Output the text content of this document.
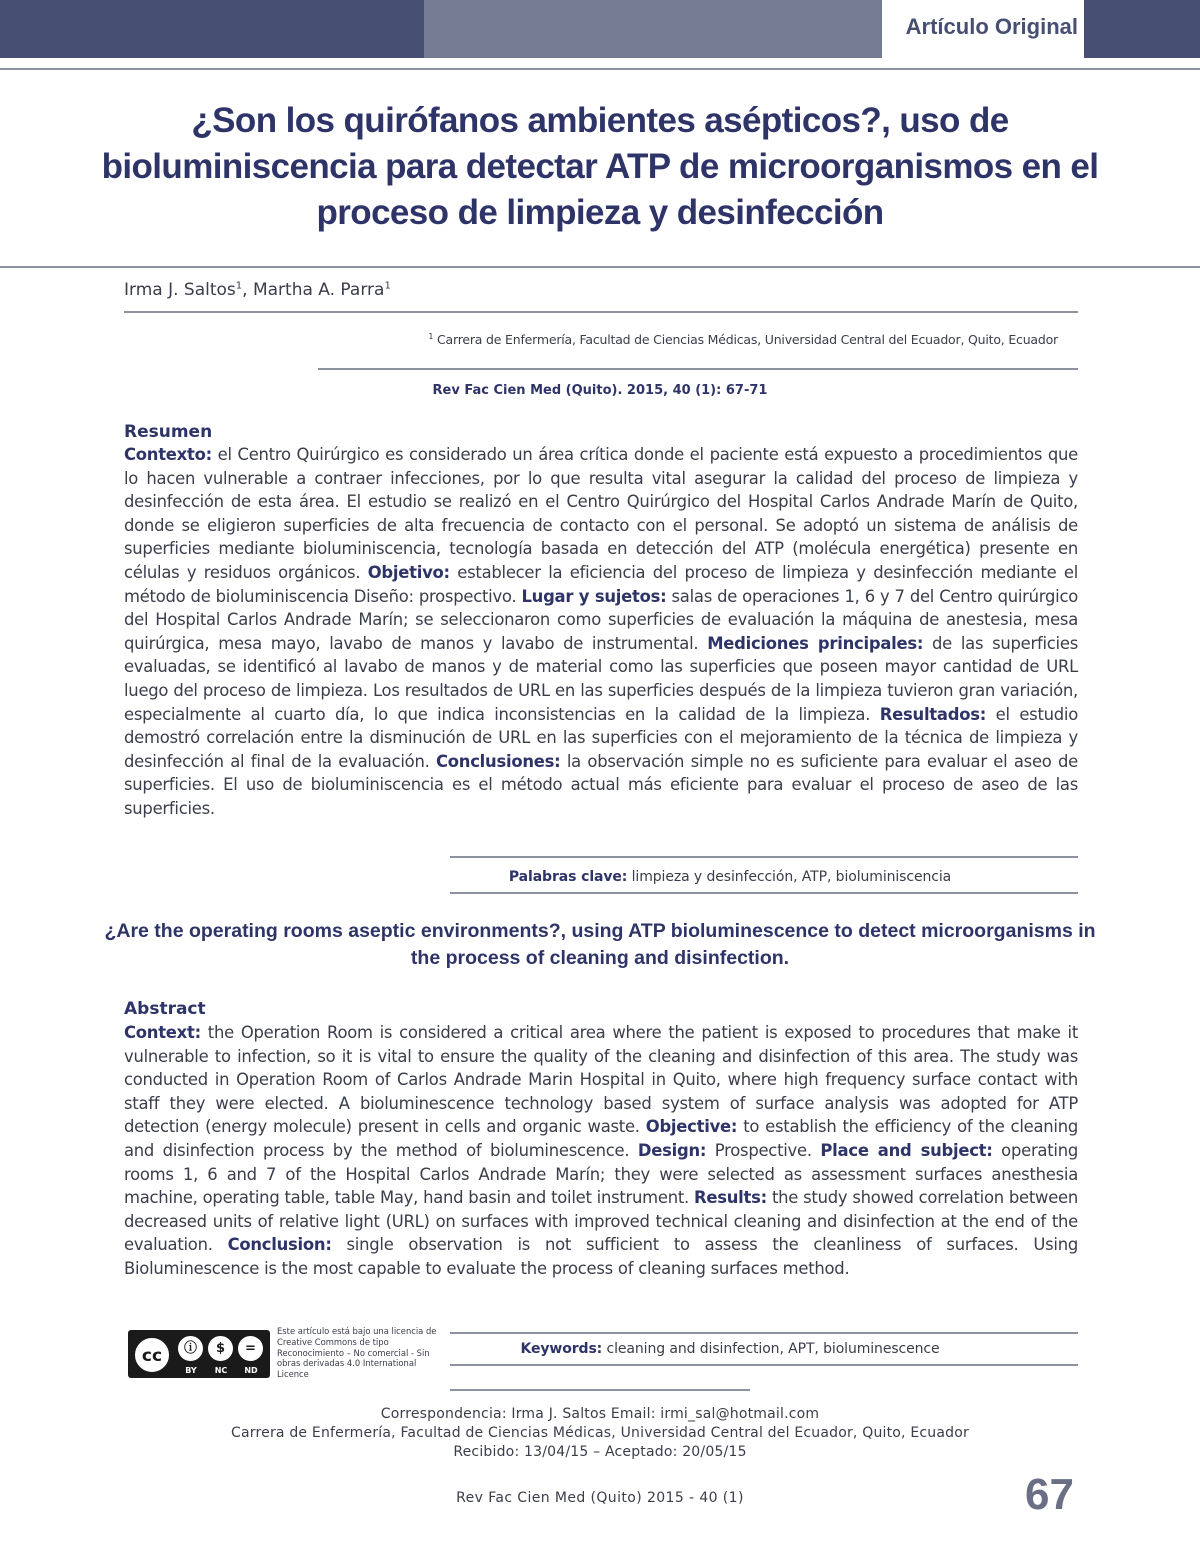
Artículo Original
¿Son los quirófanos ambientes asépticos?, uso de bioluminiscencia para detectar ATP de microorganismos en el proceso de limpieza y desinfección
Irma J. Saltos$^1$, Martha A. Parra$^1$
$^1$ Carrera de Enfermería, Facultad de Ciencias Médicas, Universidad Central del Ecuador, Quito, Ecuador
Rev Fac Cien Med (Quito). 2015, 40 (1): 67-71
Resumen

Contexto: el Centro Quirúrgico es considerado un área crítica donde el paciente está expuesto a procedimientos que lo hacen vulnerable a contraer infecciones, por lo que resulta vital asegurar la calidad del proceso de limpieza y desinfección de esta área. El estudio se realizó en el Centro Quirúrgico del Hospital Carlos Andrade Marín de Quito, donde se eligieron superficies de alta frecuencia de contacto con el personal. Se adoptó un sistema de análisis de superficies mediante bioluminiscencia, tecnología basada en detección del ATP (molécula energética) presente en células y residuos orgánicos. Objetivo: establecer la eficiencia del proceso de limpieza y desinfección mediante el método de bioluminiscencia Diseño: prospectivo. Lugar y sujetos: salas de operaciones 1, 6 y 7 del Centro quirúrgico del Hospital Carlos Andrade Marín; se seleccionaron como superficies de evaluación la máquina de anestesia, mesa quirúrgica, mesa mayo, lavabo de manos y lavabo de instrumental. Mediciones principales: de las superficies evaluadas, se identificó al lavabo de manos y de material como las superficies que poseen mayor cantidad de URL luego del proceso de limpieza. Los resultados de URL en las superficies después de la limpieza tuvieron gran variación, especialmente al cuarto día, lo que indica inconsistencias en la calidad de la limpieza. Resultados: el estudio demostró correlación entre la disminución de URL en las superficies con el mejoramiento de la técnica de limpieza y desinfección al final de la evaluación. Conclusiones: la observación simple no es suficiente para evaluar el aseo de superficies. El uso de bioluminiscencia es el método actual más eficiente para evaluar el proceso de aseo de las superficies.

Palabras clave: limpieza y desinfección, ATP, bioluminiscencia
¿Are the operating rooms aseptic environments?, using ATP bioluminescence to detect microorganisms in the process of cleaning and disinfection.
Abstract

Context: the Operation Room is considered a critical area where the patient is exposed to procedures that make it vulnerable to infection, so it is vital to ensure the quality of the cleaning and disinfection of this area. The study was conducted in Operation Room of Carlos Andrade Marin Hospital in Quito, where high frequency surface contact with staff they were elected. A bioluminescence technology based system of surface analysis was adopted for ATP detection (energy molecule) present in cells and organic waste. Objective: to establish the efficiency of the cleaning and disinfection process by the method of bioluminescence. Design: Prospective. Place and subject: operating rooms 1, 6 and 7 of the Hospital Carlos Andrade Marín; they were selected as assessment surfaces anesthesia machine, operating table, table May, hand basin and toilet instrument. Results: the study showed correlation between decreased units of relative light (URL) on surfaces with improved technical cleaning and disinfection at the end of the evaluation. Conclusion: single observation is not sufficient to assess the cleanliness of surfaces. Using Bioluminescence is the most capable to evaluate the process of cleaning surfaces method.

cc	ⓘ	$	=
BY	NC	ND
Este artículo está bajo una licencia de Creative Commons de tipo Reconocimiento – No comercial - Sin obras derivadas 4.0 International Licence
Keywords: cleaning and disinfection, APT, bioluminescence
Correspondencia: Irma J. Saltos Email: irmi_sal@hotmail.com
Carrera de Enfermería, Facultad de Ciencias Médicas, Universidad Central del Ecuador, Quito, Ecuador
Recibido: 13/04/15 – Aceptado: 20/05/15
Rev Fac Cien Med (Quito) 2015 - 40 (1)	67
